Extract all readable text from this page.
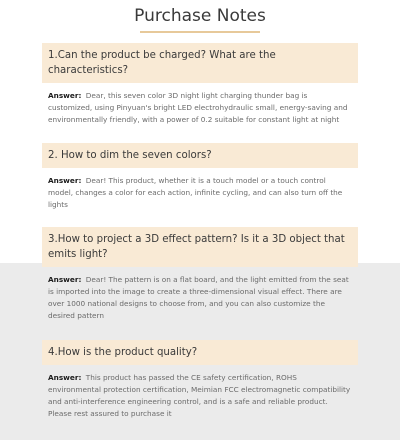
Purchase Notes
1.Can the product be charged? What are the characteristics?
Answer: Dear, this seven color 3D night light charging thunder bag is customized, using Pinyuan's bright LED electrohydraulic small, energy-saving and environmentally friendly, with a power of 0.2 suitable for constant light at night
2. How to dim the seven colors?
Answer: Dear! This product, whether it is a touch model or a touch control model, changes a color for each action, infinite cycling, and can also turn off the lights
3.How to project a 3D effect pattern? Is it a 3D object that emits light?
Answer: Dear! The pattern is on a flat board, and the light emitted from the seat is imported into the image to create a three-dimensional visual effect. There are over 1000 national designs to choose from, and you can also customize the desired pattern
4.How is the product quality?
Answer: This product has passed the CE safety certification, ROHS environmental protection certification, Meimian FCC electromagnetic compatibility and anti-interference engineering control, and is a safe and reliable product. Please rest assured to purchase it
